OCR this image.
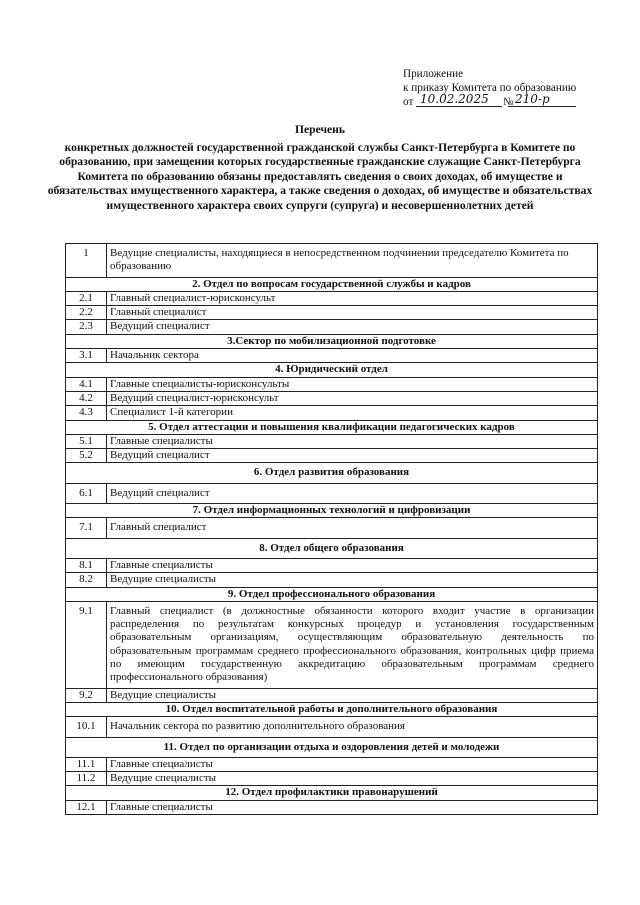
Приложение
к приказу Комитета по образованию
от 10.02.2025 № 210-р
Перечень
конкретных должностей государственной гражданской службы Санкт-Петербурга в Комитете по образованию, при замещении которых государственные гражданские служащие Санкт-Петербурга Комитета по образованию обязаны предоставлять сведения о своих доходах, об имуществе и обязательствах имущественного характера, а также сведения о доходах, об имуществе и обязательствах имущественного характера своих супруги (супруга) и несовершеннолетних детей
1	Ведущие специалисты, находящиеся в непосредственном подчинении председателю Комитета по образованию
2. Отдел по вопросам государственной службы и кадров	
2.1	Главный специалист-юрисконсульт
2.2	Главный специалист
2.3	Ведущий специалист
3.Сектор по мобилизационной подготовке	
3.1	Начальник сектора
4. Юридический отдел	
4.1	Главные специалисты-юрисконсульты
4.2	Ведущий специалист-юрисконсульт
4.3	Специалист 1-й категории
5. Отдел аттестации и повышения квалификации педагогических кадров	
5.1	Главные специалисты
5.2	Ведущий специалист
6. Отдел развития образования	
6.1	Ведущий специалист
7. Отдел информационных технологий и цифровизации	
7.1	Главный специалист
8. Отдел общего образования	
8.1	Главные специалисты
8.2	Ведущие специалисты
9. Отдел профессионального образования	
9.1	Главный специалист (в должностные обязанности которого входит участие в организации распределения по результатам конкурсных процедур и установления государственным образовательным организациям, осуществляющим образовательную деятельность по образовательным программам среднего профессионального образования, контрольных цифр приема по имеющим государственную аккредитацию образовательным программам среднего профессионального образования)
9.2	Ведущие специалисты
10. Отдел воспитательной работы и дополнительного образования	
10.1	Начальник сектора по развитию дополнительного образования
11. Отдел по организации отдыха и оздоровления детей и молодежи	
11.1	Главные специалисты
11.2	Ведущие специалисты
12. Отдел профилактики правонарушений	
12.1	Главные специалисты
